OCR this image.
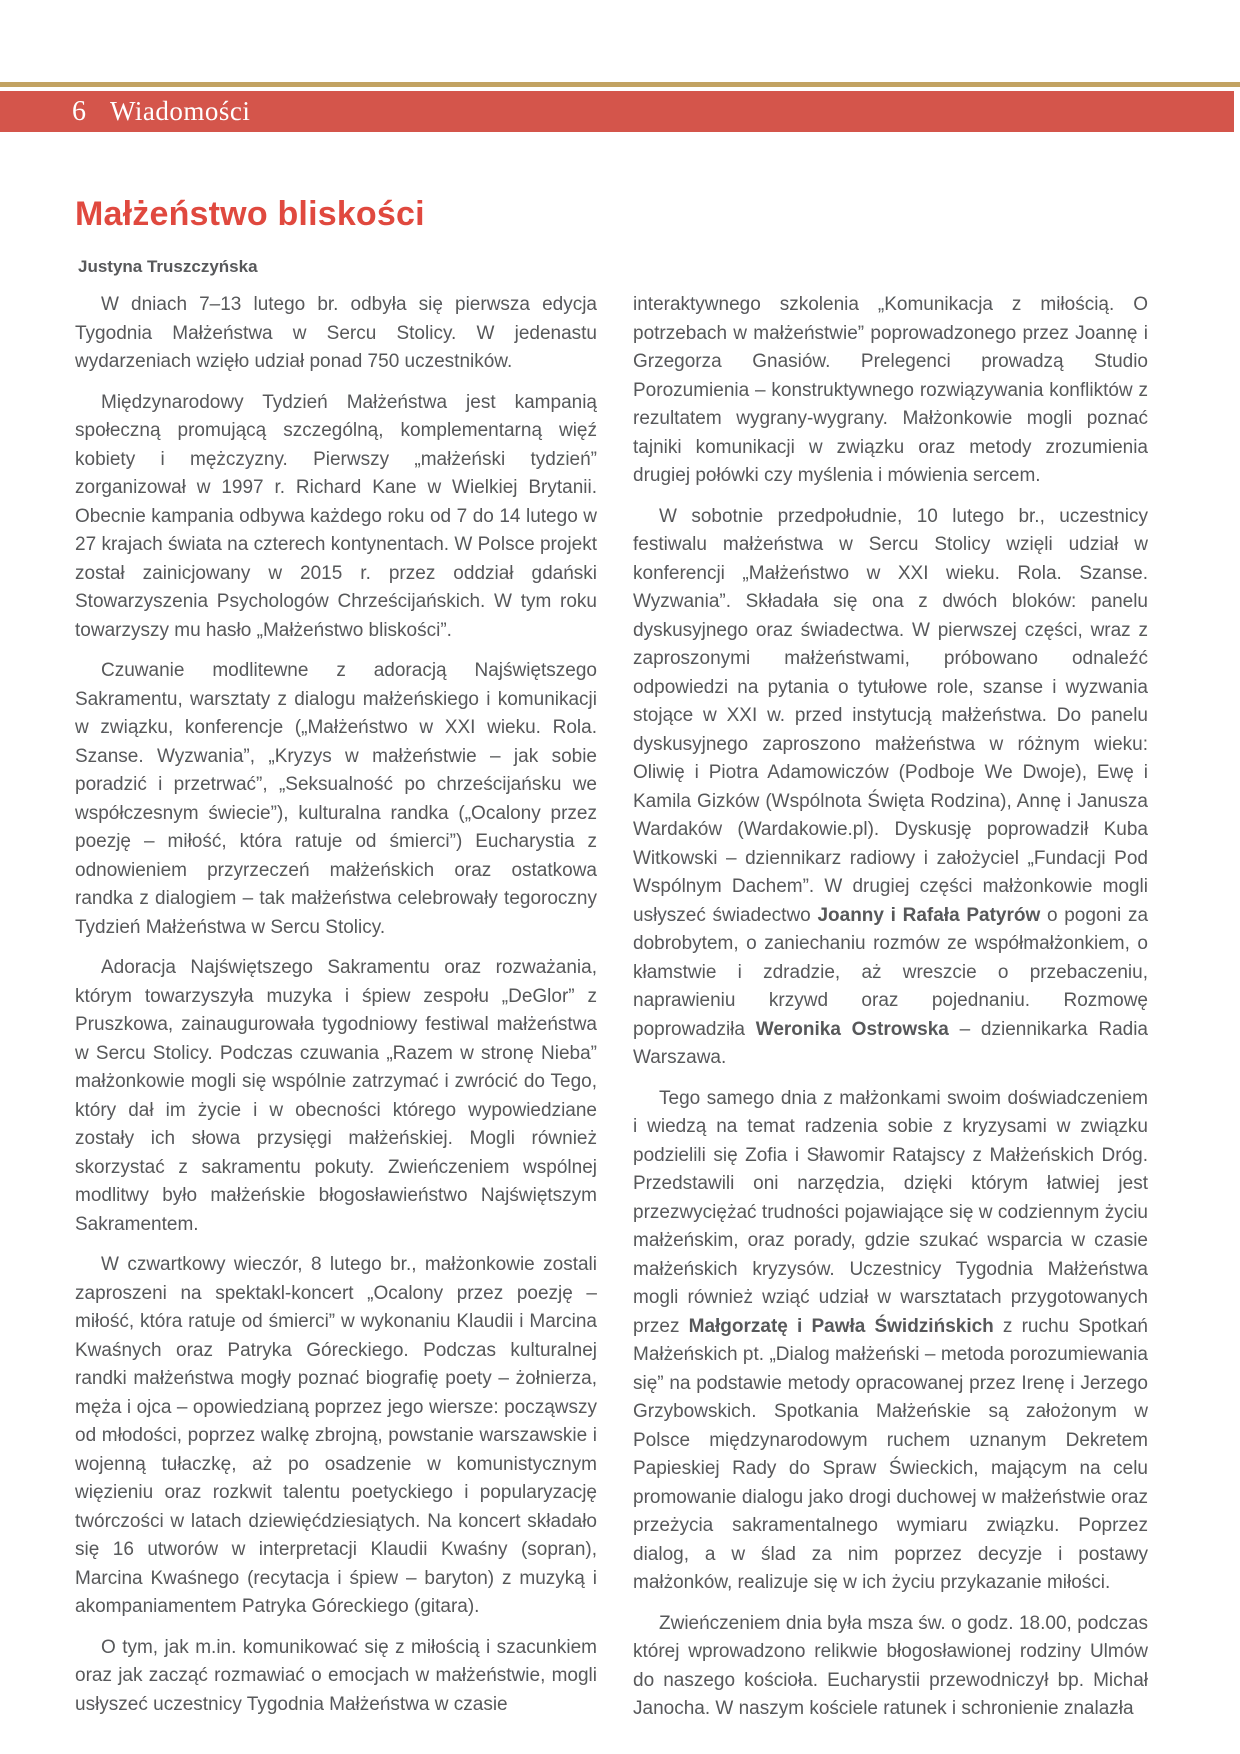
6 Wiadomości
Małżeństwo bliskości

Justyna Truszczyńska

W dniach 7–13 lutego br. odbyła się pierwsza edycja Tygodnia Małżeństwa w Sercu Stolicy. W jedenastu wydarzeniach wzięło udział ponad 750 uczestników.

Międzynarodowy Tydzień Małżeństwa jest kampanią społeczną promującą szczególną, komplementarną więź kobiety i mężczyzny. Pierwszy „małżeński tydzień” zorganizował w 1997 r. Richard Kane w Wielkiej Brytanii. Obecnie kampania odbywa każdego roku od 7 do 14 lutego w 27 krajach świata na czterech kontynentach. W Polsce projekt został zainicjowany w 2015 r. przez oddział gdański Stowarzyszenia Psychologów Chrześcijańskich. W tym roku towarzyszy mu hasło „Małżeństwo bliskości”.

Czuwanie modlitewne z adoracją Najświętszego Sakramentu, warsztaty z dialogu małżeńskiego i komunikacji w związku, konferencje („Małżeństwo w XXI wieku. Rola. Szanse. Wyzwania”, „Kryzys w małżeństwie – jak sobie poradzić i przetrwać”, „Seksualność po chrześcijańsku we współczesnym świecie”), kulturalna randka („Ocalony przez poezję – miłość, która ratuje od śmierci”) Eucharystia z odnowieniem przyrzeczeń małżeńskich oraz ostatkowa randka z dialogiem – tak małżeństwa celebrowały tegoroczny Tydzień Małżeństwa w Sercu Stolicy.

Adoracja Najświętszego Sakramentu oraz rozważania, którym towarzyszyła muzyka i śpiew zespołu „DeGlor” z Pruszkowa, zainaugurowała tygodniowy festiwal małżeństwa w Sercu Stolicy. Podczas czuwania „Razem w stronę Nieba” małżonkowie mogli się wspólnie zatrzymać i zwrócić do Tego, który dał im życie i w obecności którego wypowiedziane zostały ich słowa przysięgi małżeńskiej. Mogli również skorzystać z sakramentu pokuty. Zwieńczeniem wspólnej modlitwy było małżeńskie błogosławieństwo Najświętszym Sakramentem.

W czwartkowy wieczór, 8 lutego br., małżonkowie zostali zaproszeni na spektakl-koncert „Ocalony przez poezję – miłość, która ratuje od śmierci” w wykonaniu Klaudii i Marcina Kwaśnych oraz Patryka Góreckiego. Podczas kulturalnej randki małżeństwa mogły poznać biografię poety – żołnierza, męża i ojca – opowiedzianą poprzez jego wiersze: począwszy od młodości, poprzez walkę zbrojną, powstanie warszawskie i wojenną tułaczkę, aż po osadzenie w komunistycznym więzieniu oraz rozkwit talentu poetyckiego i popularyzację twórczości w latach dziewięćdziesiątych. Na koncert składało się 16 utworów w interpretacji Klaudii Kwaśny (sopran), Marcina Kwaśnego (recytacja i śpiew – baryton) z muzyką i akompaniamentem Patryka Góreckiego (gitara).

O tym, jak m.in. komunikować się z miłością i szacunkiem oraz jak zacząć rozmawiać o emocjach w małżeństwie, mogli usłyszeć uczestnicy Tygodnia Małżeństwa w czasie

interaktywnego szkolenia „Komunikacja z miłością. O potrzebach w małżeństwie” poprowadzonego przez Joannę i Grzegorza Gnasiów. Prelegenci prowadzą Studio Porozumienia – konstruktywnego rozwiązywania konfliktów z rezultatem wygrany-wygrany. Małżonkowie mogli poznać tajniki komunikacji w związku oraz metody zrozumienia drugiej połówki czy myślenia i mówienia sercem.

W sobotnie przedpołudnie, 10 lutego br., uczestnicy festiwalu małżeństwa w Sercu Stolicy wzięli udział w konferencji „Małżeństwo w XXI wieku. Rola. Szanse. Wyzwania”. Składała się ona z dwóch bloków: panelu dyskusyjnego oraz świadectwa. W pierwszej części, wraz z zaproszonymi małżeństwami, próbowano odnaleźć odpowiedzi na pytania o tytułowe role, szanse i wyzwania stojące w XXI w. przed instytucją małżeństwa. Do panelu dyskusyjnego zaproszono małżeństwa w różnym wieku: Oliwię i Piotra Adamowiczów (Podboje We Dwoje), Ewę i Kamila Gizków (Wspólnota Święta Rodzina), Annę i Janusza Wardaków (Wardakowie.pl). Dyskusję poprowadził Kuba Witkowski – dziennikarz radiowy i założyciel „Fundacji Pod Wspólnym Dachem”. W drugiej części małżonkowie mogli usłyszeć świadectwo Joanny i Rafała Patyrów o pogoni za dobrobytem, o zaniechaniu rozmów ze współmałżonkiem, o kłamstwie i zdradzie, aż wreszcie o przebaczeniu, naprawieniu krzywd oraz pojednaniu. Rozmowę poprowadziła Weronika Ostrowska – dziennikarka Radia Warszawa.

Tego samego dnia z małżonkami swoim doświadczeniem i wiedzą na temat radzenia sobie z kryzysami w związku podzielili się Zofia i Sławomir Ratajscy z Małżeńskich Dróg. Przedstawili oni narzędzia, dzięki którym łatwiej jest przezwyciężać trudności pojawiające się w codziennym życiu małżeńskim, oraz porady, gdzie szukać wsparcia w czasie małżeńskich kryzysów. Uczestnicy Tygodnia Małżeństwa mogli również wziąć udział w warsztatach przygotowanych przez Małgorzatę i Pawła Świdzińskich z ruchu Spotkań Małżeńskich pt. „Dialog małżeński – metoda porozumiewania się” na podstawie metody opracowanej przez Irenę i Jerzego Grzybowskich. Spotkania Małżeńskie są założonym w Polsce międzynarodowym ruchem uznanym Dekretem Papieskiej Rady do Spraw Świeckich, mającym na celu promowanie dialogu jako drogi duchowej w małżeństwie oraz przeżycia sakramentalnego wymiaru związku. Poprzez dialog, a w ślad za nim poprzez decyzje i postawy małżonków, realizuje się w ich życiu przykazanie miłości.

Zwieńczeniem dnia była msza św. o godz. 18.00, podczas której wprowadzono relikwie błogosławionej rodziny Ulmów do naszego kościoła. Eucharystii przewodniczył bp. Michał Janocha. W naszym kościele ratunek i schronienie znalazła
